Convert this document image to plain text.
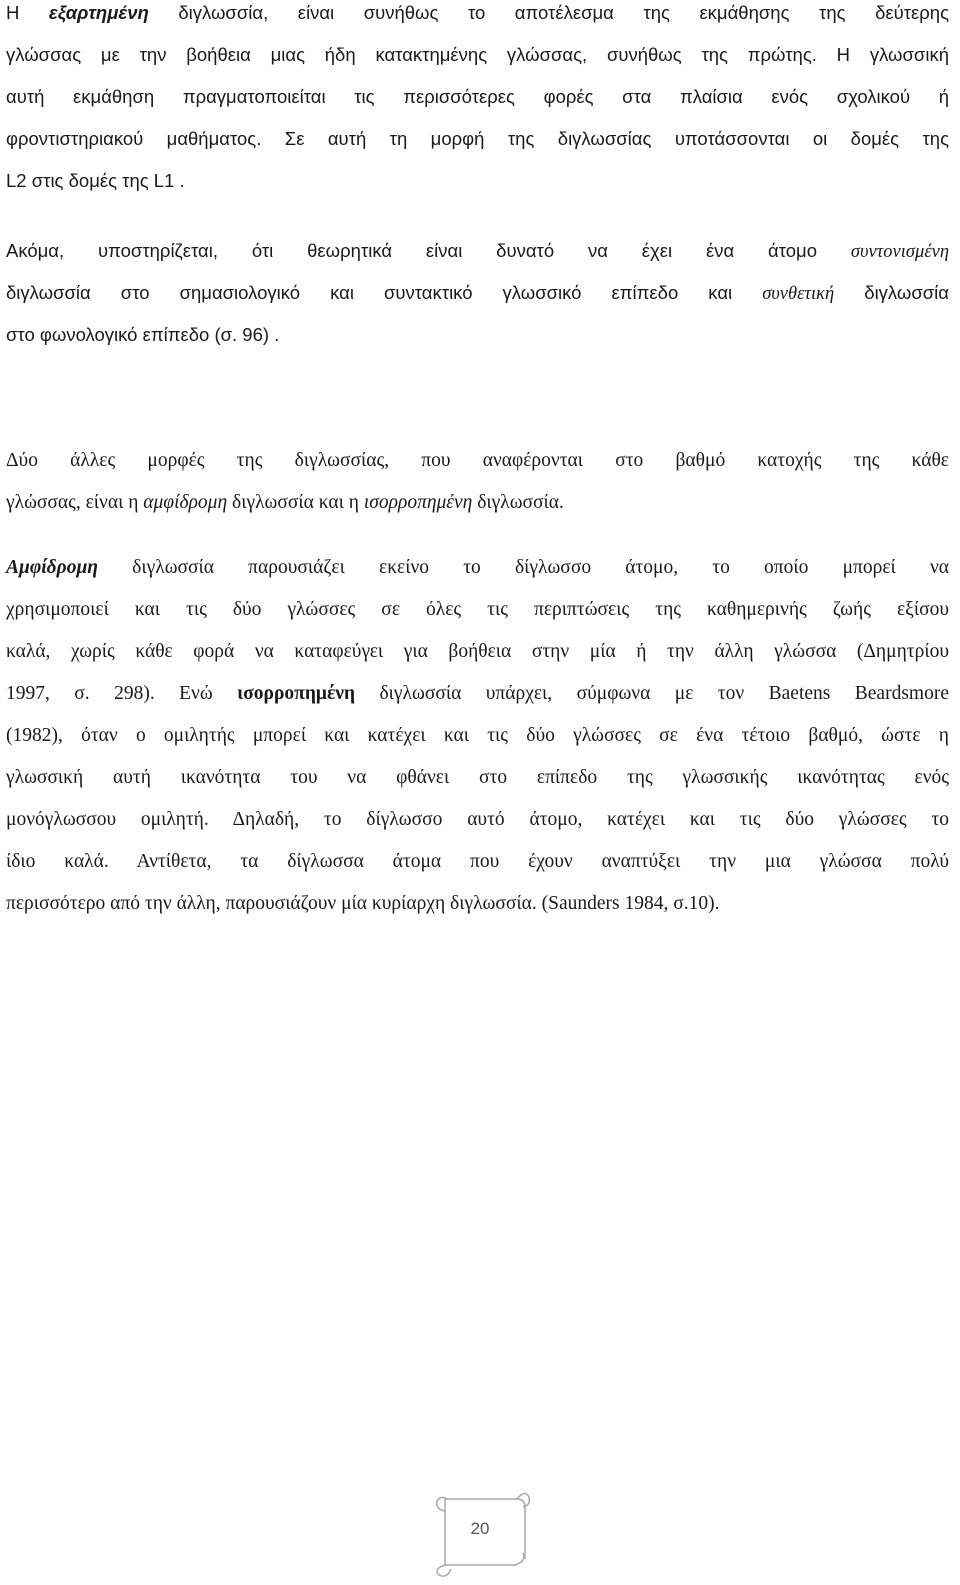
Η εξαρτημένη διγλωσσία, είναι συνήθως το αποτέλεσμα της εκμάθησης της δεύτερης
γλώσσας με την βοήθεια μιας ήδη κατακτημένης γλώσσας, συνήθως της πρώτης. Η γλωσσική
αυτή εκμάθηση πραγματοποιείται τις περισσότερες φορές στα πλαίσια ενός σχολικού ή
φροντιστηριακού μαθήματος. Σε αυτή τη μορφή της διγλωσσίας υποτάσσονται οι δομές της
L2 στις δομές της L1 .
Ακόμα, υποστηρίζεται, ότι θεωρητικά είναι δυνατό να έχει ένα άτομο συντονισμένη
διγλωσσία στο σημασιολογικό και συντακτικό γλωσσικό επίπεδο και συνθετική διγλωσσία
στο φωνολογικό επίπεδο (σ. 96) .
Δύο άλλες μορφές της διγλωσσίας, που αναφέρονται στο βαθμό κατοχής της κάθε
γλώσσας, είναι η αμφίδρομη διγλωσσία και η ισορροπημένη διγλωσσία.
Αμφίδρομη διγλωσσία παρουσιάζει εκείνο το δίγλωσσο άτομο, το οποίο μπορεί να
χρησιμοποιεί και τις δύο γλώσσες σε όλες τις περιπτώσεις της καθημερινής ζωής εξίσου
καλά, χωρίς κάθε φορά να καταφεύγει για βοήθεια στην μία ή την άλλη γλώσσα (Δημητρίου
1997, σ. 298). Ενώ ισορροπημένη διγλωσσία υπάρχει, σύμφωνα με τον Baetens Beardsmore
(1982), όταν ο ομιλητής μπορεί και κατέχει και τις δύο γλώσσες σε ένα τέτοιο βαθμό, ώστε η
γλωσσική αυτή ικανότητα του να φθάνει στο επίπεδο της γλωσσικής ικανότητας ενός
μονόγλωσσου ομιλητή. Δηλαδή, το δίγλωσσο αυτό άτομο, κατέχει και τις δύο γλώσσες το
ίδιο καλά. Αντίθετα, τα δίγλωσσα άτομα που έχουν αναπτύξει την μια γλώσσα πολύ
περισσότερο από την άλλη, παρουσιάζουν μία κυρίαρχη διγλωσσία. (Saunders 1984, σ.10).
20
